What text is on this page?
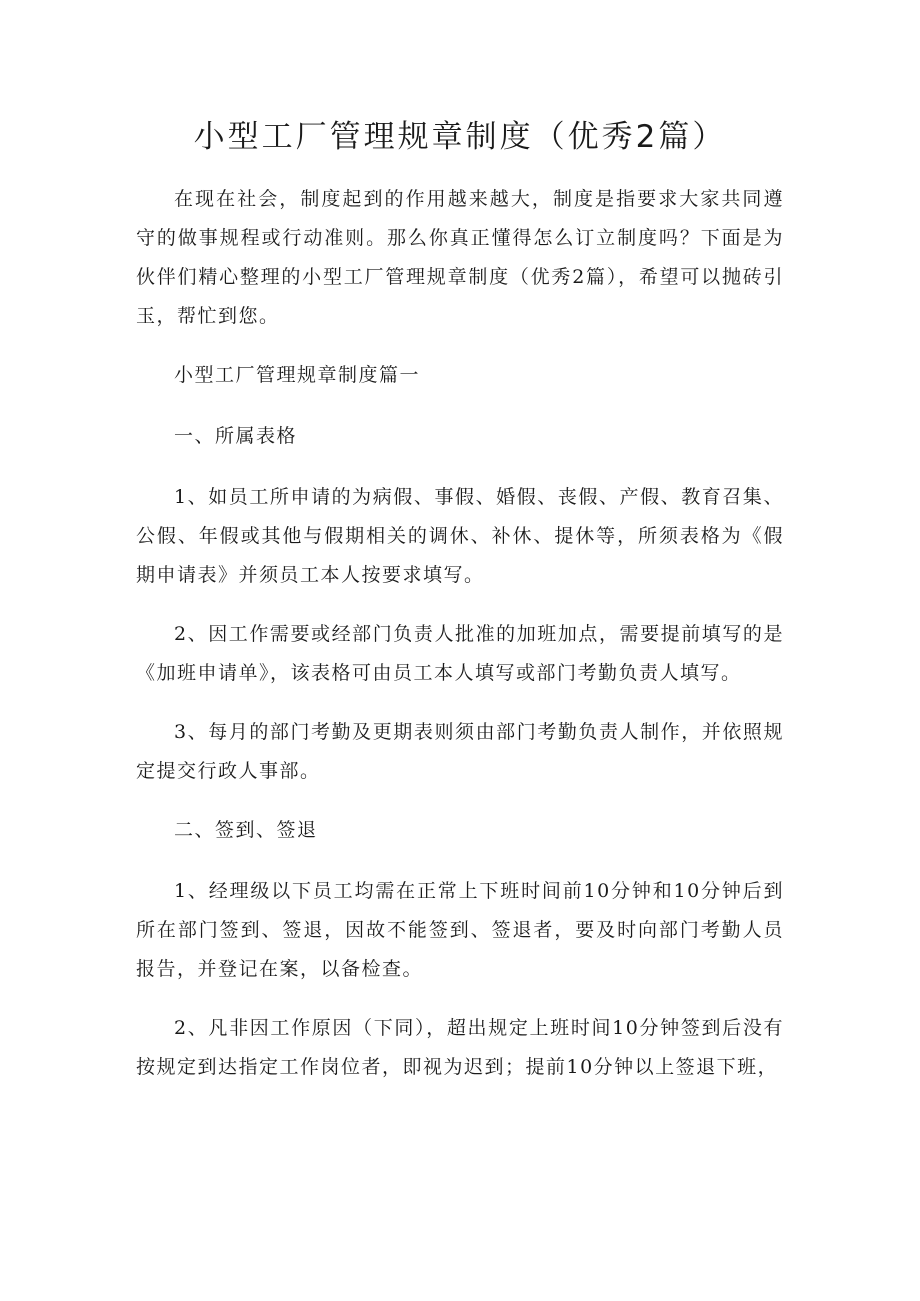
小型工厂管理规章制度（优秀2篇）

在现在社会，制度起到的作用越来越大，制度是指要求大家共同遵守的做事规程或行动准则。那么你真正懂得怎么订立制度吗？下面是为伙伴们精心整理的小型工厂管理规章制度（优秀2篇），希望可以抛砖引玉，帮忙到您。

小型工厂管理规章制度篇一

一、所属表格

1、如员工所申请的为病假、事假、婚假、丧假、产假、教育召集、公假、年假或其他与假期相关的调休、补休、提休等，所须表格为《假期申请表》并须员工本人按要求填写。

2、因工作需要或经部门负责人批准的加班加点，需要提前填写的是《加班申请单》，该表格可由员工本人填写或部门考勤负责人填写。

3、每月的部门考勤及更期表则须由部门考勤负责人制作，并依照规定提交行政人事部。

二、签到、签退

1、经理级以下员工均需在正常上下班时间前10分钟和10分钟后到所在部门签到、签退，因故不能签到、签退者，要及时向部门考勤人员报告，并登记在案，以备检查。

2、凡非因工作原因（下同），超出规定上班时间10分钟签到后没有按规定到达指定工作岗位者，即视为迟到；提前10分钟以上签退下班，
